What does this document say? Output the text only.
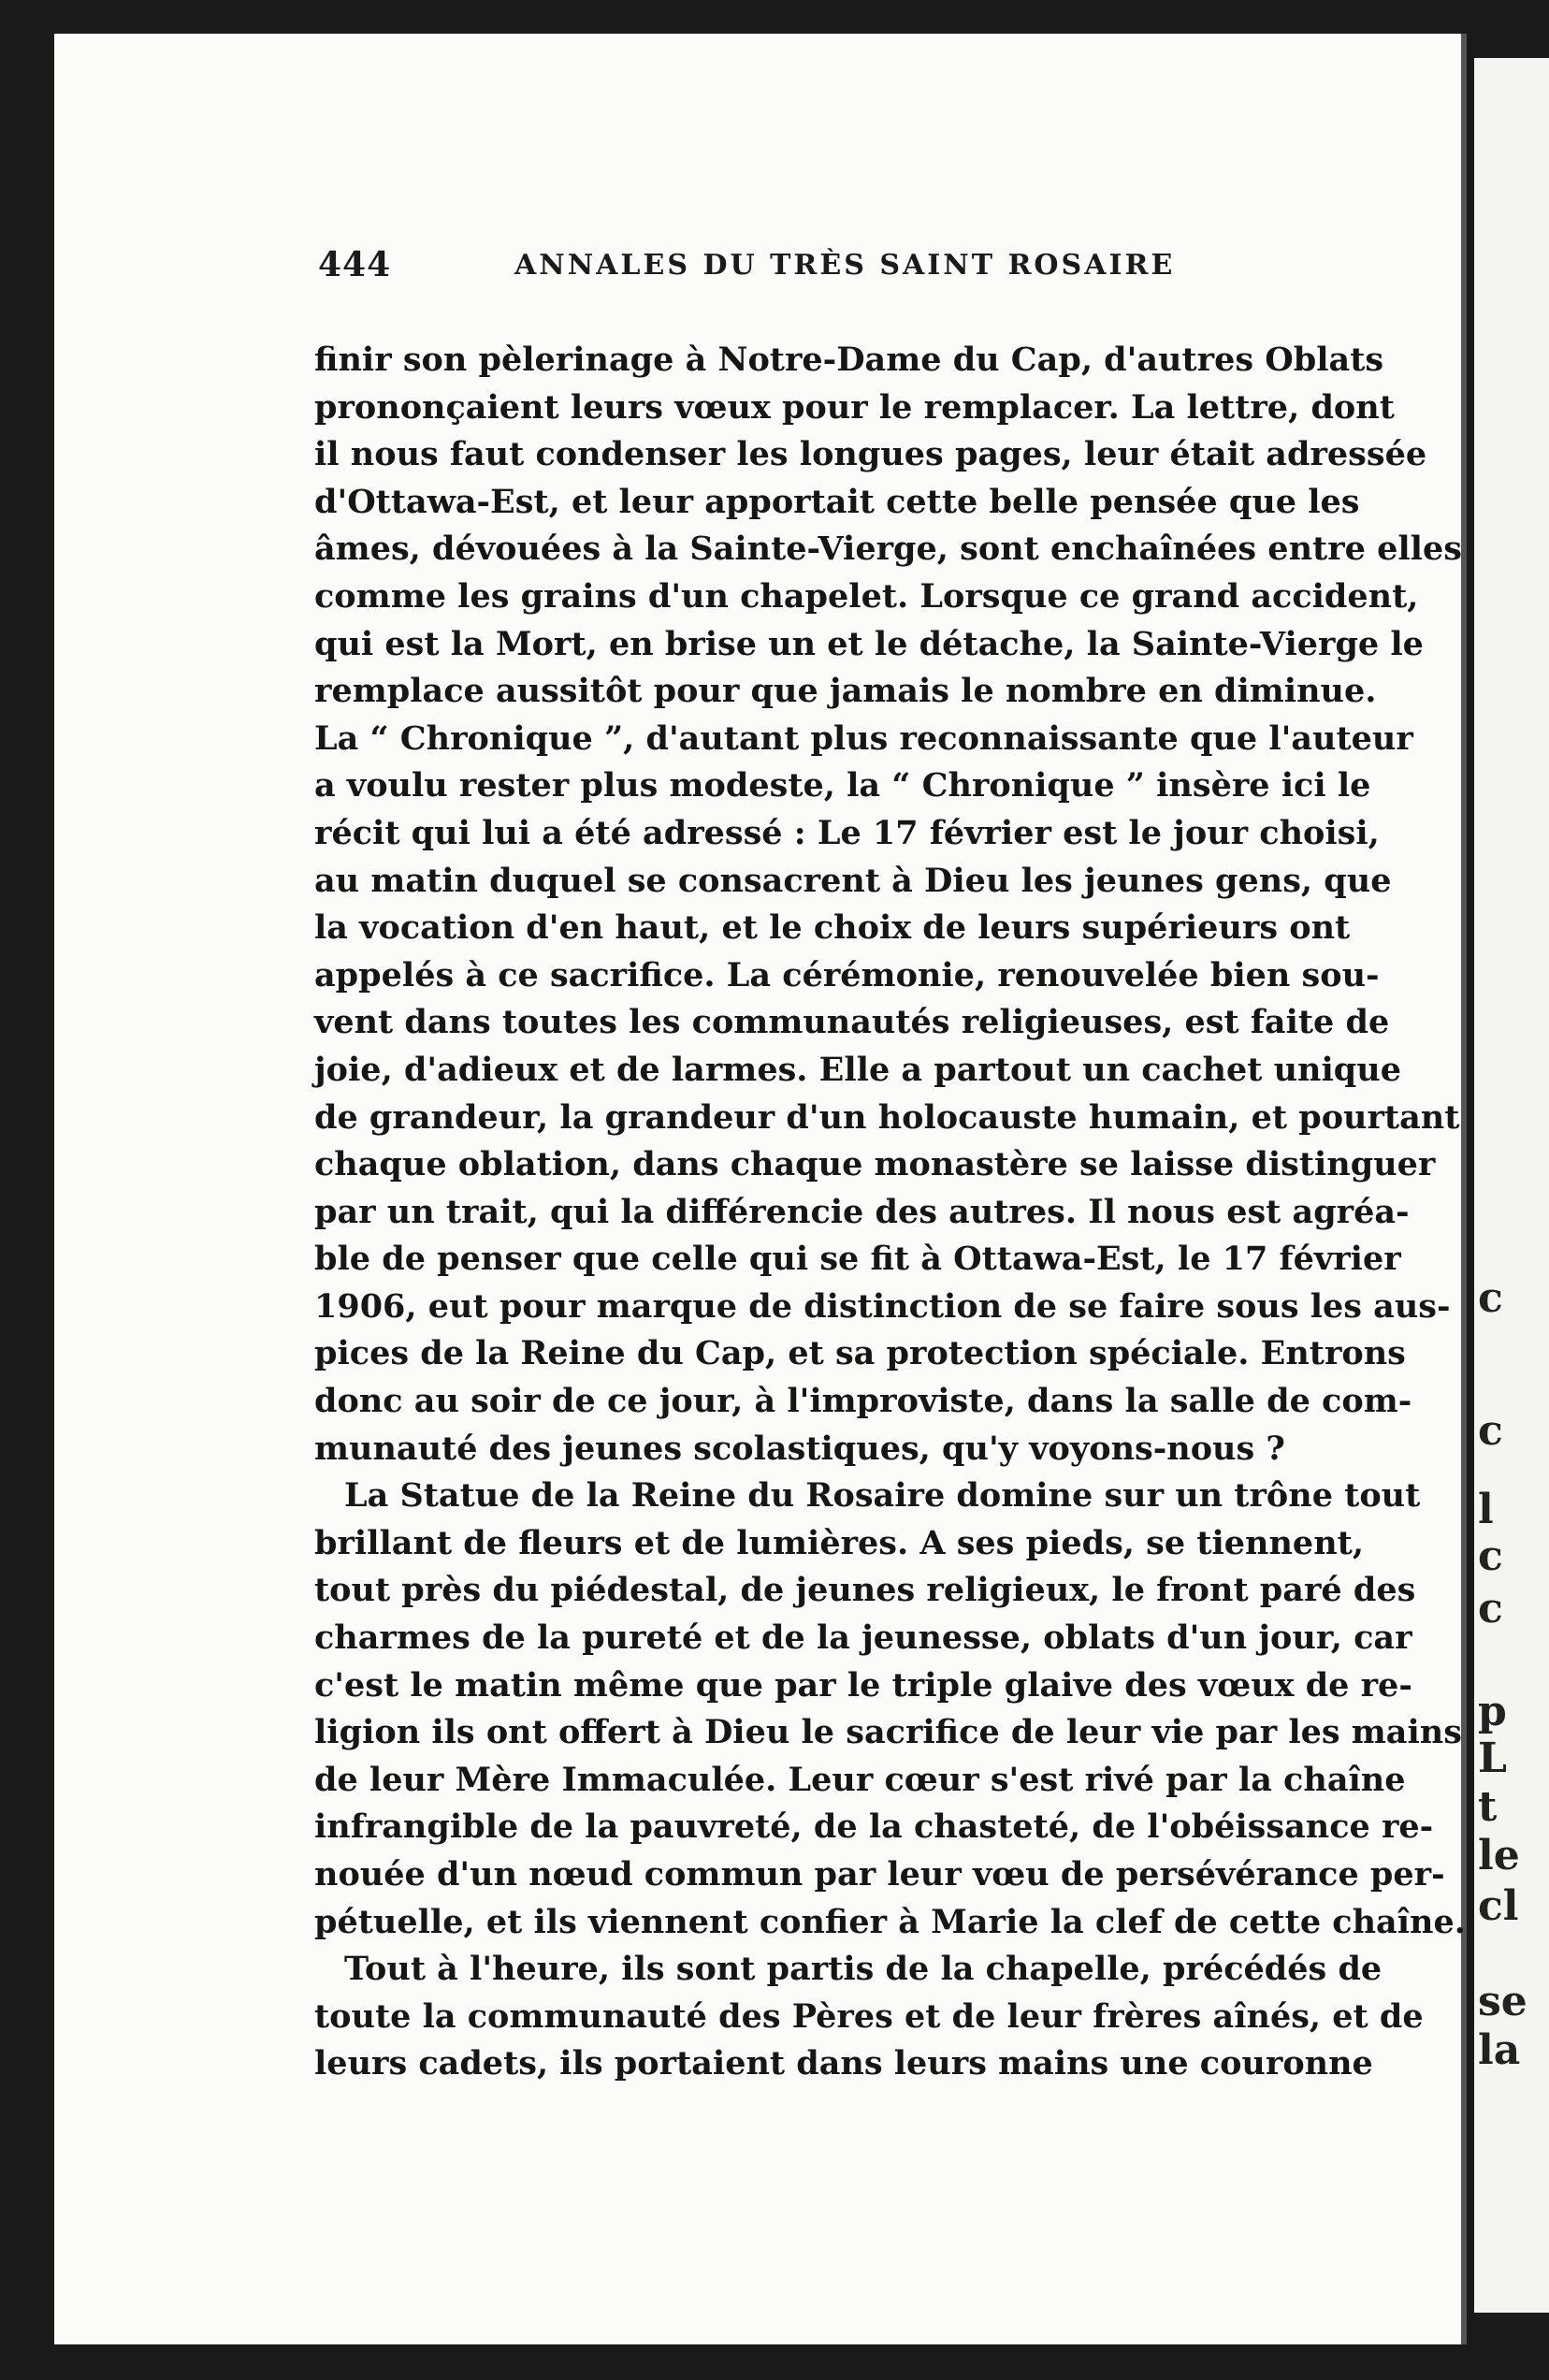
c
c
l
c
c
p
L
t
le
cl
se
la
444	ANNALES DU TRÈS SAINT ROSAIRE
finir son pèlerinage à Notre-Dame du Cap, d'autres Oblats
prononçaient leurs vœux pour le remplacer. La lettre, dont
il nous faut condenser les longues pages, leur était adressée
d'Ottawa-Est, et leur apportait cette belle pensée que les
âmes, dévouées à la Sainte-Vierge, sont enchaînées entre elles
comme les grains d'un chapelet. Lorsque ce grand accident,
qui est la Mort, en brise un et le détache, la Sainte-Vierge le
remplace aussitôt pour que jamais le nombre en diminue.
La “ Chronique ”, d'autant plus reconnaissante que l'auteur
a voulu rester plus modeste, la “ Chronique ” insère ici le
récit qui lui a été adressé : Le 17 février est le jour choisi,
au matin duquel se consacrent à Dieu les jeunes gens, que
la vocation d'en haut, et le choix de leurs supérieurs ont
appelés à ce sacrifice. La cérémonie, renouvelée bien sou-
vent dans toutes les communautés religieuses, est faite de
joie, d'adieux et de larmes. Elle a partout un cachet unique
de grandeur, la grandeur d'un holocauste humain, et pourtant
chaque oblation, dans chaque monastère se laisse distinguer
par un trait, qui la différencie des autres. Il nous est agréa-
ble de penser que celle qui se fit à Ottawa-Est, le 17 février
1906, eut pour marque de distinction de se faire sous les aus-
pices de la Reine du Cap, et sa protection spéciale. Entrons
donc au soir de ce jour, à l'improviste, dans la salle de com-
munauté des jeunes scolastiques, qu'y voyons-nous ?
La Statue de la Reine du Rosaire domine sur un trône tout
brillant de fleurs et de lumières. A ses pieds, se tiennent,
tout près du piédestal, de jeunes religieux, le front paré des
charmes de la pureté et de la jeunesse, oblats d'un jour, car
c'est le matin même que par le triple glaive des vœux de re-
ligion ils ont offert à Dieu le sacrifice de leur vie par les mains
de leur Mère Immaculée. Leur cœur s'est rivé par la chaîne
infrangible de la pauvreté, de la chasteté, de l'obéissance re-
nouée d'un nœud commun par leur vœu de persévérance per-
pétuelle, et ils viennent confier à Marie la clef de cette chaîne.
Tout à l'heure, ils sont partis de la chapelle, précédés de
toute la communauté des Pères et de leur frères aînés, et de
leurs cadets, ils portaient dans leurs mains une couronne
